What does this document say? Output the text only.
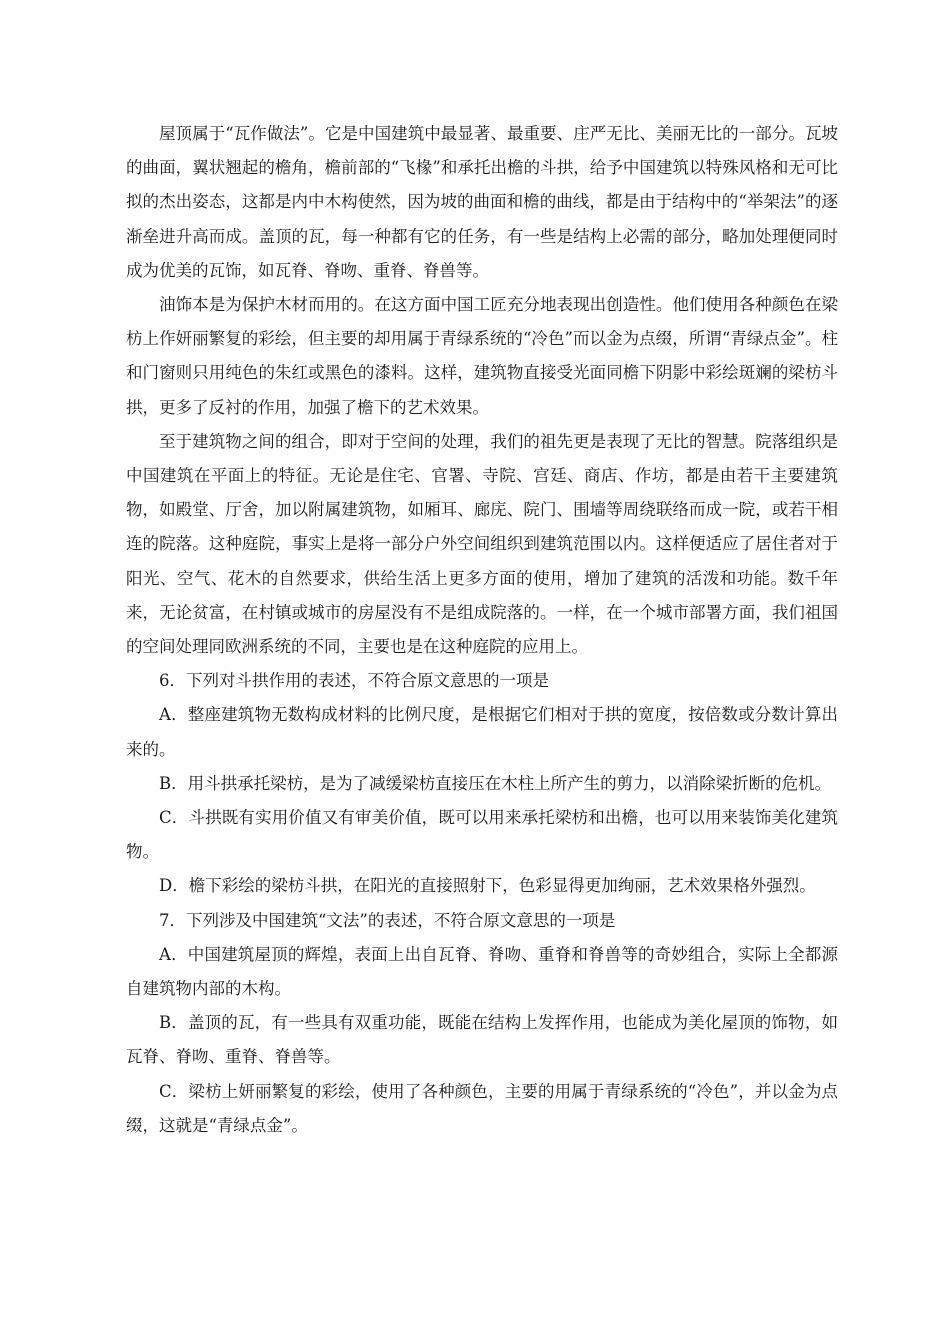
屋顶属于“瓦作做法”。它是中国建筑中最显著、最重要、庄严无比、美丽无比的一部分。瓦坡的曲面，翼状翘起的檐角，檐前部的“飞椽”和承托出檐的斗拱，给予中国建筑以特殊风格和无可比拟的杰出姿态，这都是内中木构使然，因为坡的曲面和檐的曲线，都是由于结构中的“举架法”的逐渐垒进升高而成。盖顶的瓦，每一种都有它的任务，有一些是结构上必需的部分，略加处理便同时成为优美的瓦饰，如瓦脊、脊吻、重脊、脊兽等。

油饰本是为保护木材而用的。在这方面中国工匠充分地表现出创造性。他们使用各种颜色在梁枋上作妍丽繁复的彩绘，但主要的却用属于青绿系统的“冷色”而以金为点缀，所谓“青绿点金”。柱和门窗则只用纯色的朱红或黑色的漆料。这样，建筑物直接受光面同檐下阴影中彩绘斑斓的梁枋斗拱，更多了反衬的作用，加强了檐下的艺术效果。

至于建筑物之间的组合，即对于空间的处理，我们的祖先更是表现了无比的智慧。院落组织是中国建筑在平面上的特征。无论是住宅、官署、寺院、宫廷、商店、作坊，都是由若干主要建筑物，如殿堂、厅舍，加以附属建筑物，如厢耳、廊庑、院门、围墙等周绕联络而成一院，或若干相连的院落。这种庭院，事实上是将一部分户外空间组织到建筑范围以内。这样便适应了居住者对于阳光、空气、花木的自然要求，供给生活上更多方面的使用，增加了建筑的活泼和功能。数千年来，无论贫富，在村镇或城市的房屋没有不是组成院落的。一样，在一个城市部署方面，我们祖国的空间处理同欧洲系统的不同，主要也是在这种庭院的应用上。

6．下列对斗拱作用的表述，不符合原文意思的一项是

A．整座建筑物无数构成材料的比例尺度，是根据它们相对于拱的宽度，按倍数或分数计算出来的。

B．用斗拱承托梁枋，是为了减缓梁枋直接压在木柱上所产生的剪力，以消除梁折断的危机。

C．斗拱既有实用价值又有审美价值，既可以用来承托梁枋和出檐，也可以用来装饰美化建筑物。

D．檐下彩绘的梁枋斗拱，在阳光的直接照射下，色彩显得更加绚丽，艺术效果格外强烈。

7．下列涉及中国建筑“文法”的表述，不符合原文意思的一项是

A．中国建筑屋顶的辉煌，表面上出自瓦脊、脊吻、重脊和脊兽等的奇妙组合，实际上全都源自建筑物内部的木构。

B．盖顶的瓦，有一些具有双重功能，既能在结构上发挥作用，也能成为美化屋顶的饰物，如瓦脊、脊吻、重脊、脊兽等。

C．梁枋上妍丽繁复的彩绘，使用了各种颜色，主要的用属于青绿系统的“冷色”，并以金为点缀，这就是“青绿点金”。
